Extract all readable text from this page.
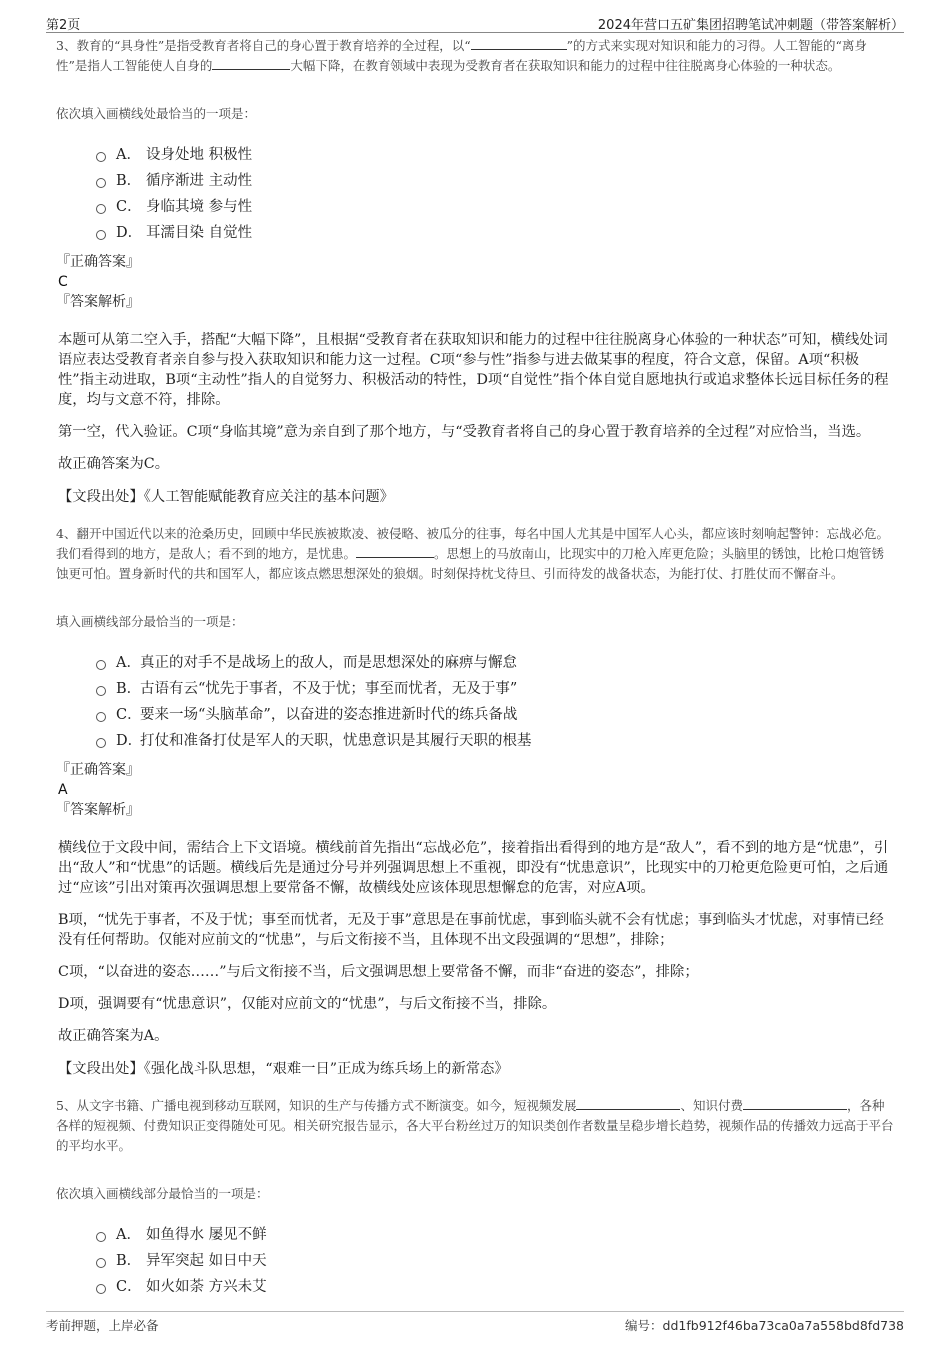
第2页	2024年营口五矿集团招聘笔试冲刺题（带答案解析）

3、教育的“具身性”是指受教育者将自己的身心置于教育培养的全过程，以“	”的方式来实现对知识和能力的习得。人工智能的“离身性”是指人工智能使人自身的	大幅下降，在教育领域中表现为受教育者在获取知识和能力的过程中往往脱离身心体验的一种状态。

依次填入画横线处最恰当的一项是：

A． 设身处地 积极性
B． 循序渐进 主动性
C． 身临其境 参与性
D． 耳濡目染 自觉性

『正确答案』

C

『答案解析』

本题可从第二空入手，搭配“大幅下降”，且根据“受教育者在获取知识和能力的过程中往往脱离身心体验的一种状态”可知，横线处词语应表达受教育者亲自参与投入获取知识和能力这一过程。C项“参与性”指参与进去做某事的程度，符合文意，保留。A项“积极性”指主动进取，B项“主动性”指人的自觉努力、积极活动的特性，D项“自觉性”指个体自觉自愿地执行或追求整体长远目标任务的程度，均与文意不符，排除。

第一空，代入验证。C项“身临其境”意为亲自到了那个地方，与“受教育者将自己的身心置于教育培养的全过程”对应恰当，当选。

故正确答案为C。

【文段出处】《人工智能赋能教育应关注的基本问题》

4、翻开中国近代以来的沧桑历史，回顾中华民族被欺凌、被侵略、被瓜分的往事，每名中国人尤其是中国军人心头，都应该时刻响起警钟：忘战必危。我们看得到的地方，是敌人；看不到的地方，是忧患。	。思想上的马放南山，比现实中的刀枪入库更危险；头脑里的锈蚀，比枪口炮管锈蚀更可怕。置身新时代的共和国军人，都应该点燃思想深处的狼烟。时刻保持枕戈待旦、引而待发的战备状态，为能打仗、打胜仗而不懈奋斗。

填入画横线部分最恰当的一项是：

A． 真正的对手不是战场上的敌人，而是思想深处的麻痹与懈怠
B．
古语有云“忧先于事者，不及于忧；事至而忧者，无及于事”
C．
要来一场“头脑革命”，以奋进的姿态推进新时代的练兵备战
D．
打仗和准备打仗是军人的天职，忧患意识是其履行天职的根基

『正确答案』

A

『答案解析』

横线位于文段中间，需结合上下文语境。横线前首先指出“忘战必危”，接着指出看得到的地方是“敌人”，看不到的地方是“忧患”，引出“敌人”和“忧患”的话题。横线后先是通过分号并列强调思想上不重视，即没有“忧患意识”，比现实中的刀枪更危险更可怕，之后通过“应该”引出对策再次强调思想上要常备不懈，故横线处应该体现思想懈怠的危害，对应A项。

B项，“忧先于事者，不及于忧；事至而忧者，无及于事”意思是在事前忧虑，事到临头就不会有忧虑；事到临头才忧虑，对事情已经没有任何帮助。仅能对应前文的“忧患”，与后文衔接不当，且体现不出文段强调的“思想”，排除；

C项，“以奋进的姿态……”与后文衔接不当，后文强调思想上要常备不懈，而非“奋进的姿态”，排除；

D项，强调要有“忧患意识”，仅能对应前文的“忧患”，与后文衔接不当，排除。

故正确答案为A。

【文段出处】《强化战斗队思想，“艰难一日”正成为练兵场上的新常态》

5、从文字书籍、广播电视到移动互联网，知识的生产与传播方式不断演变。如今，短视频发展	、知识付费	，各种各样的短视频、付费知识正变得随处可见。相关研究报告显示，各大平台粉丝过万的知识类创作者数量呈稳步增长趋势，视频作品的传播效力远高于平台的平均水平。

依次填入画横线部分最恰当的一项是：

A． 如鱼得水 屡见不鲜
B． 异军突起 如日中天
C． 如火如荼 方兴未艾
考前押题，上岸必备	编号：dd1fb912f46ba73ca0a7a558bd8fd738
